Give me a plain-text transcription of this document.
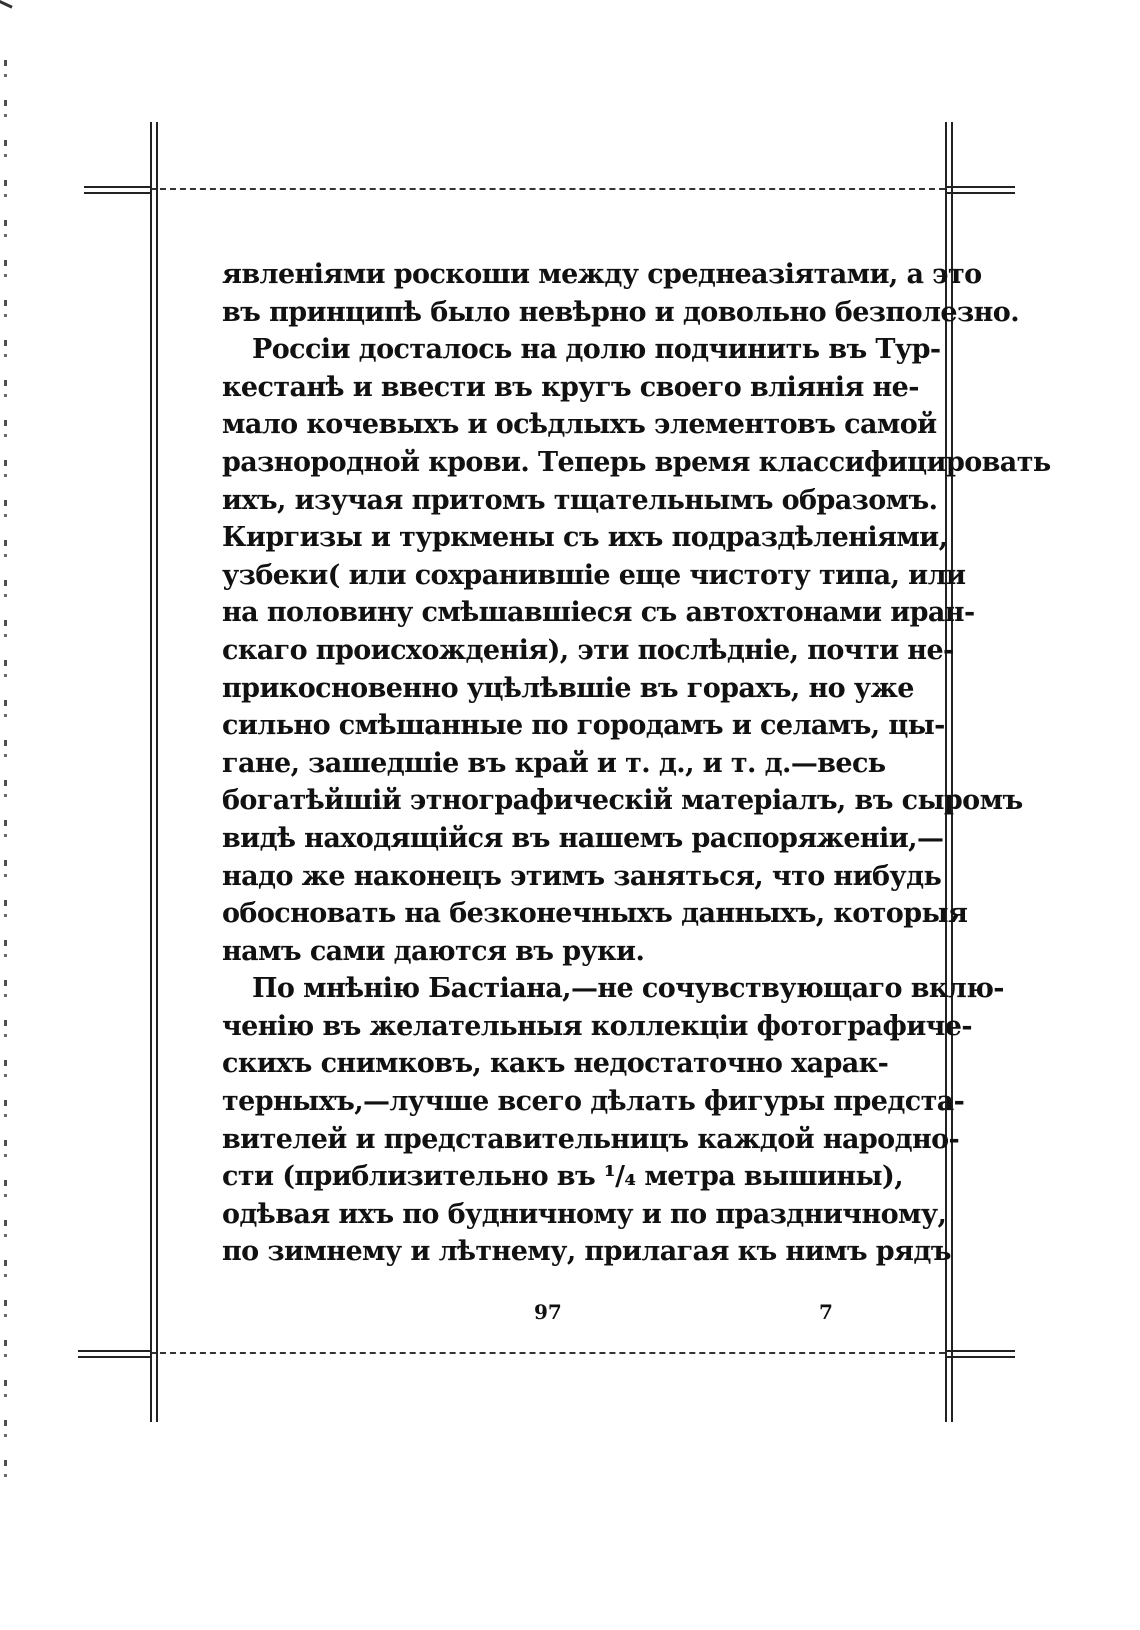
явленіями роскоши между среднеазіятами, а это
въ принципѣ было невѣрно и довольно безполезно.
Россіи досталось на долю подчинить въ Тур-
кестанѣ и ввести въ кругъ своего вліянія не-
мало кочевыхъ и осѣдлыхъ элементовъ самой
разнородной крови. Теперь время классифицировать
ихъ, изучая притомъ тщательнымъ образомъ.
Киргизы и туркмены съ ихъ подраздѣленіями,
узбеки( или сохранившіе еще чистоту типа, или
на половину смѣшавшіеся съ автохтонами иран-
скаго происхожденія), эти послѣдніе, почти не-
прикосновенно уцѣлѣвшіе въ горахъ, но уже
сильно смѣшанные по городамъ и селамъ, цы-
гане, зашедшіе въ край и т. д., и т. д.—весь
богатѣйшій этнографическій матеріалъ, въ сыромъ
видѣ находящійся въ нашемъ распоряженіи,—
надо же наконецъ этимъ заняться, что нибудь
обосновать на безконечныхъ данныхъ, которыя
намъ сами даются въ руки.
По мнѣнію Бастіана,—не сочувствующаго вклю-
ченію въ желательныя коллекціи фотографиче-
скихъ снимковъ, какъ недостаточно харак-
терныхъ,—лучше всего дѣлать фигуры предста-
вителей и представительницъ каждой народно-
сти (приблизительно въ ¹/₄ метра вышины),
одѣвая ихъ по будничному и по праздничному,
по зимнему и лѣтнему, прилагая къ нимъ рядъ
97	7
